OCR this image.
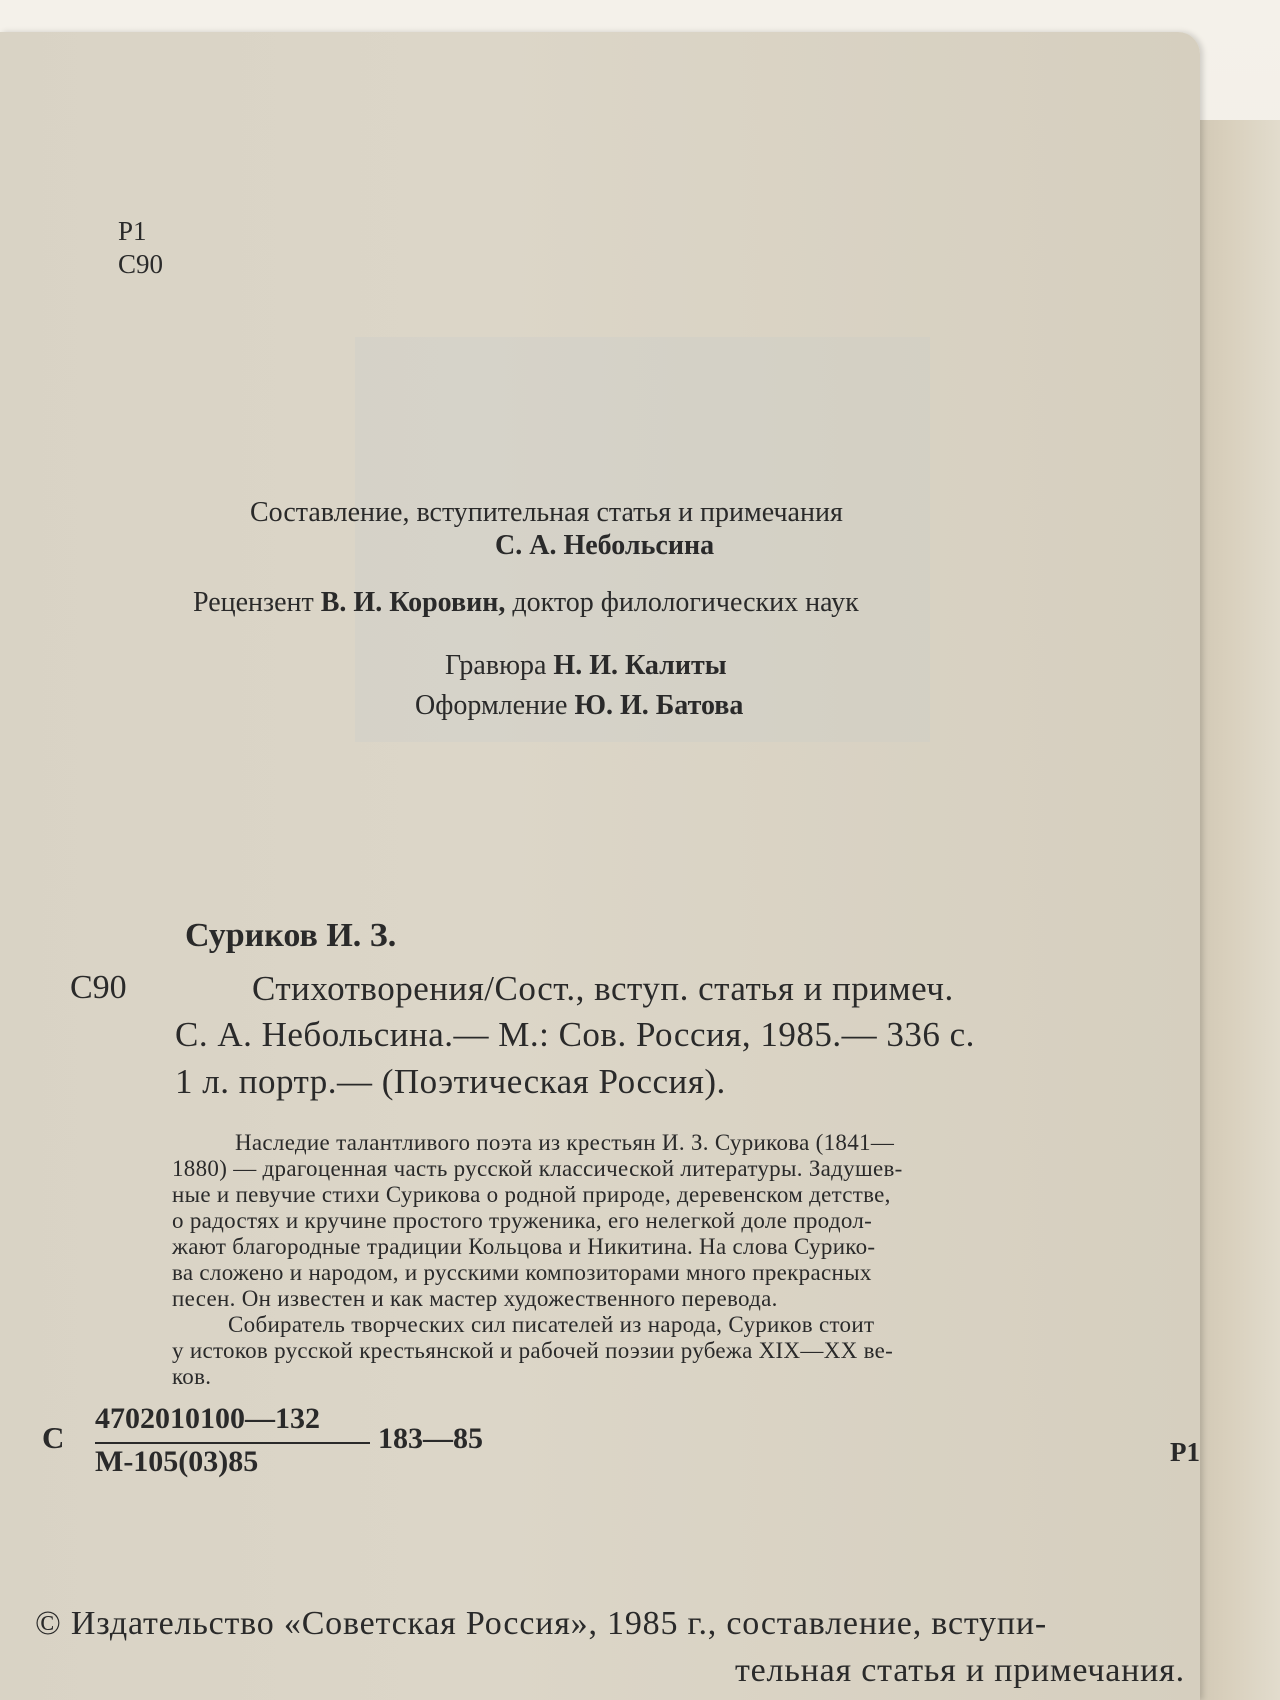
Р1
С90
Составление, вступительная статья и примечания
С. А. Небольсина
Рецензент В. И. Коровин, доктор филологических наук
Гравюра Н. И. Калиты
Оформление Ю. И. Батова
Суриков И. З.
С90	Стихотворения/Сост., вступ. статья и примеч.
С. А. Небольсина.— М.: Сов. Россия, 1985.— 336 с.
1 л. портр.— (Поэтическая Россия).
Наследие талантливого поэта из крестьян И. З. Сурикова (1841—
1880) — драгоценная часть русской классической литературы. Задушев-
ные и певучие стихи Сурикова о родной природе, деревенском детстве,
о радостях и кручине простого труженика, его нелегкой доле продол-
жают благородные традиции Кольцова и Никитина. На слова Сурико-
ва сложено и народом, и русскими композиторами много прекрасных
песен. Он известен и как мастер художественного перевода.
Собиратель творческих сил писателей из народа, Суриков стоит
у истоков русской крестьянской и рабочей поэзии рубежа XIX—XX ве-
ков.
С
4702010100—132
М-105(03)85
183—85	Р1
© Издательство «Советская Россия», 1985 г., составление, вступи-
тельная статья и примечания.
